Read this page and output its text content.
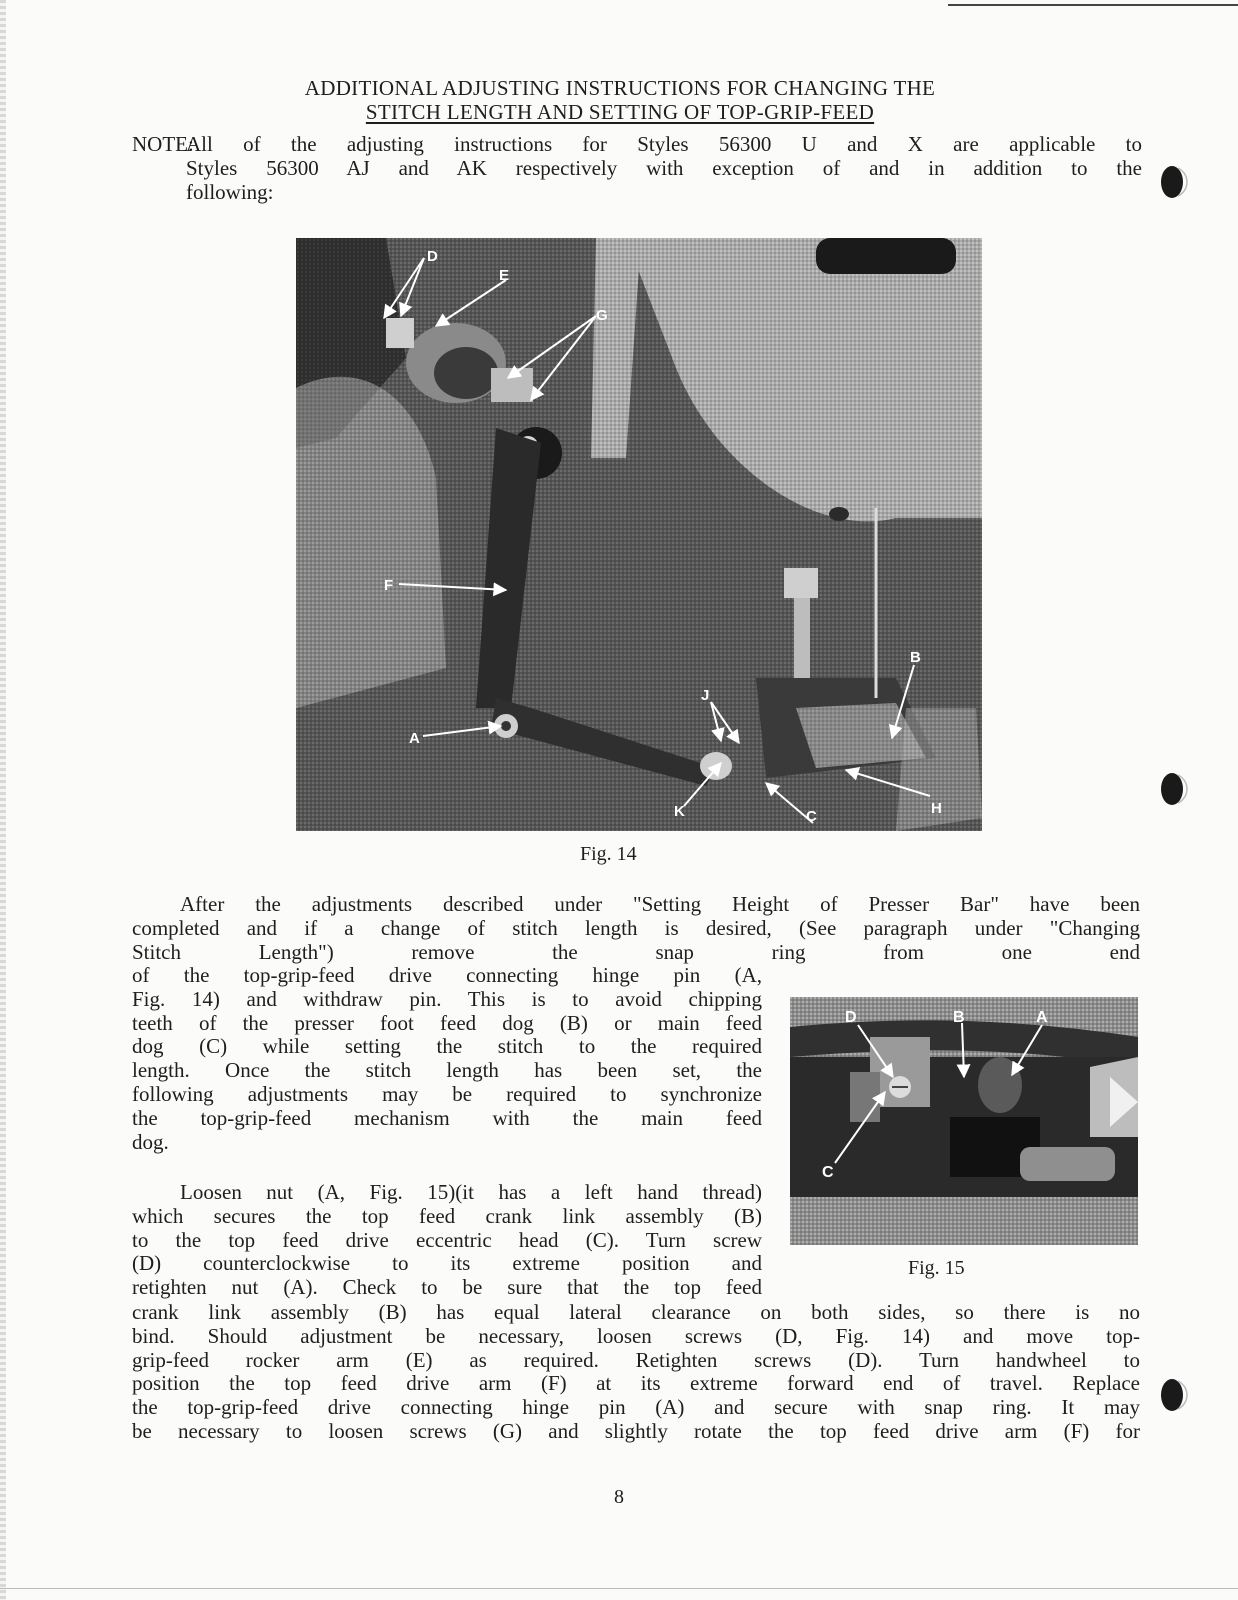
ADDITIONAL ADJUSTING INSTRUCTIONS FOR CHANGING THE
STITCH LENGTH AND SETTING OF TOP-GRIP-FEED
NOTE:
All of the adjusting instructions for Styles 56300 U and X are applicable to
Styles 56300 AJ and AK respectively with exception of and in addition to the
following:
D
E
G
F
B
J
A
K	C	H
Fig. 14
After the adjustments described under "Setting Height of Presser Bar" have been
completed and if a change of stitch length is desired, (See paragraph under "Changing
Stitch Length") remove the snap ring from one end
of the top-grip-feed drive connecting hinge pin (A,
Fig. 14) and withdraw pin. This is to avoid chipping
teeth of the presser foot feed dog (B) or main feed
dog (C) while setting the stitch to the required
length. Once the stitch length has been set, the
following adjustments may be required to synchronize
the top-grip-feed mechanism with the main feed
dog.
D	B	A
C
Fig. 15
Loosen nut (A, Fig. 15)(it has a left hand thread)
which secures the top feed crank link assembly (B)
to the top feed drive eccentric head (C). Turn screw
(D) counterclockwise to its extreme position and
retighten nut (A). Check to be sure that the top feed
crank link assembly (B) has equal lateral clearance on both sides, so there is no
bind. Should adjustment be necessary, loosen screws (D, Fig. 14) and move top-
grip-feed rocker arm (E) as required. Retighten screws (D). Turn handwheel to
position the top feed drive arm (F) at its extreme forward end of travel. Replace
the top-grip-feed drive connecting hinge pin (A) and secure with snap ring. It may
be necessary to loosen screws (G) and slightly rotate the top feed drive arm (F) for
8
